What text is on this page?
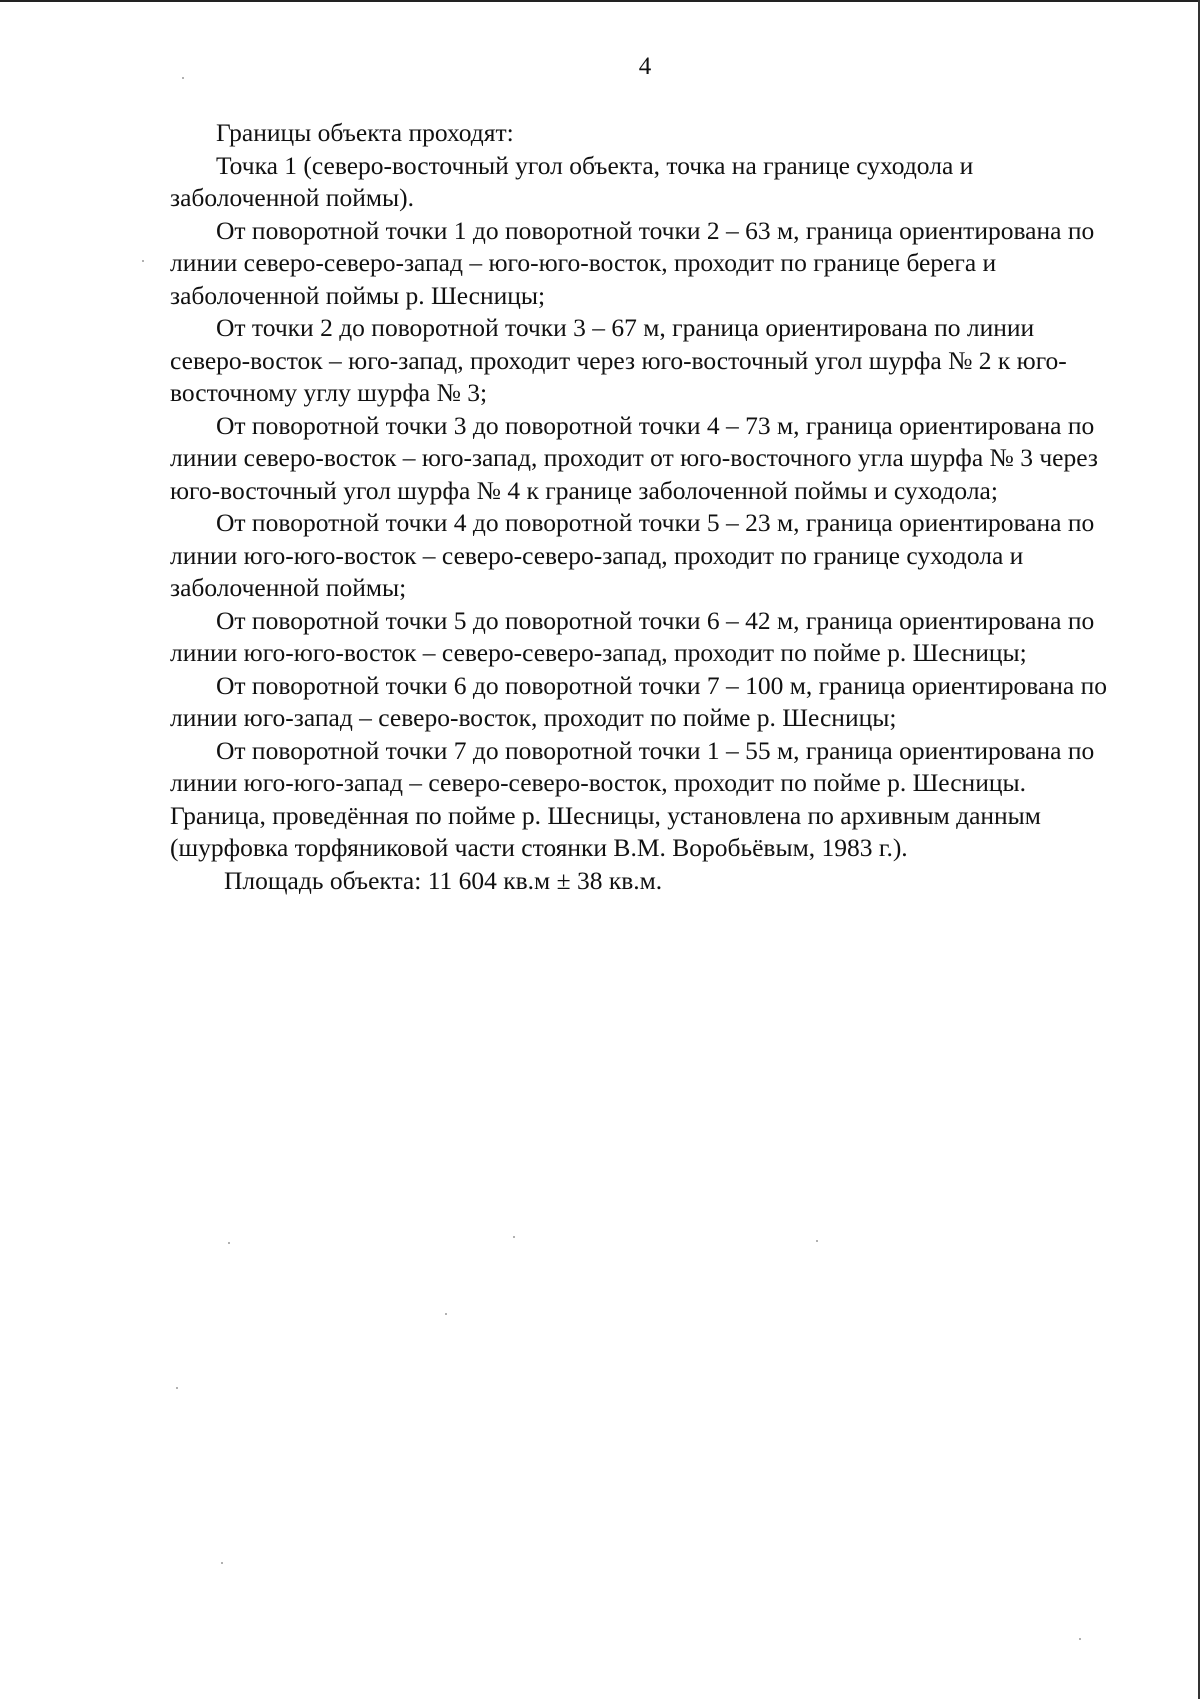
4

Границы объекта проходят:

Точка 1 (северо-восточный угол объекта, точка на границе суходола и заболоченной поймы).

От поворотной точки 1 до поворотной точки 2 – 63 м, граница ориентирована по линии северо-северо-запад – юго-юго-восток, проходит по границе берега и заболоченной поймы р. Шесницы;

От точки 2 до поворотной точки 3 – 67 м, граница ориентирована по линии северо-восток – юго-запад, проходит через юго-восточный угол шурфа № 2 к юго-восточному углу шурфа № 3;

От поворотной точки 3 до поворотной точки 4 – 73 м, граница ориентирована по линии северо-восток – юго-запад, проходит от юго-восточного угла шурфа № 3 через юго-восточный угол шурфа № 4 к границе заболоченной поймы и суходола;

От поворотной точки 4 до поворотной точки 5 – 23 м, граница ориентирована по линии юго-юго-восток – северо-северо-запад, проходит по границе суходола и заболоченной поймы;

От поворотной точки 5 до поворотной точки 6 – 42 м, граница ориентирована по линии юго-юго-восток – северо-северо-запад, проходит по пойме р. Шесницы;

От поворотной точки 6 до поворотной точки 7 – 100 м, граница ориентирована по линии юго-запад – северо-восток, проходит по пойме р. Шесницы;

От поворотной точки 7 до поворотной точки 1 – 55 м, граница ориентирована по линии юго-юго-запад – северо-северо-восток, проходит по пойме р. Шесницы. Граница, проведённая по пойме р. Шесницы, установлена по архивным данным (шурфовка торфяниковой части стоянки В.М. Воробьёвым, 1983 г.).

Площадь объекта: 11 604 кв.м ± 38 кв.м.
